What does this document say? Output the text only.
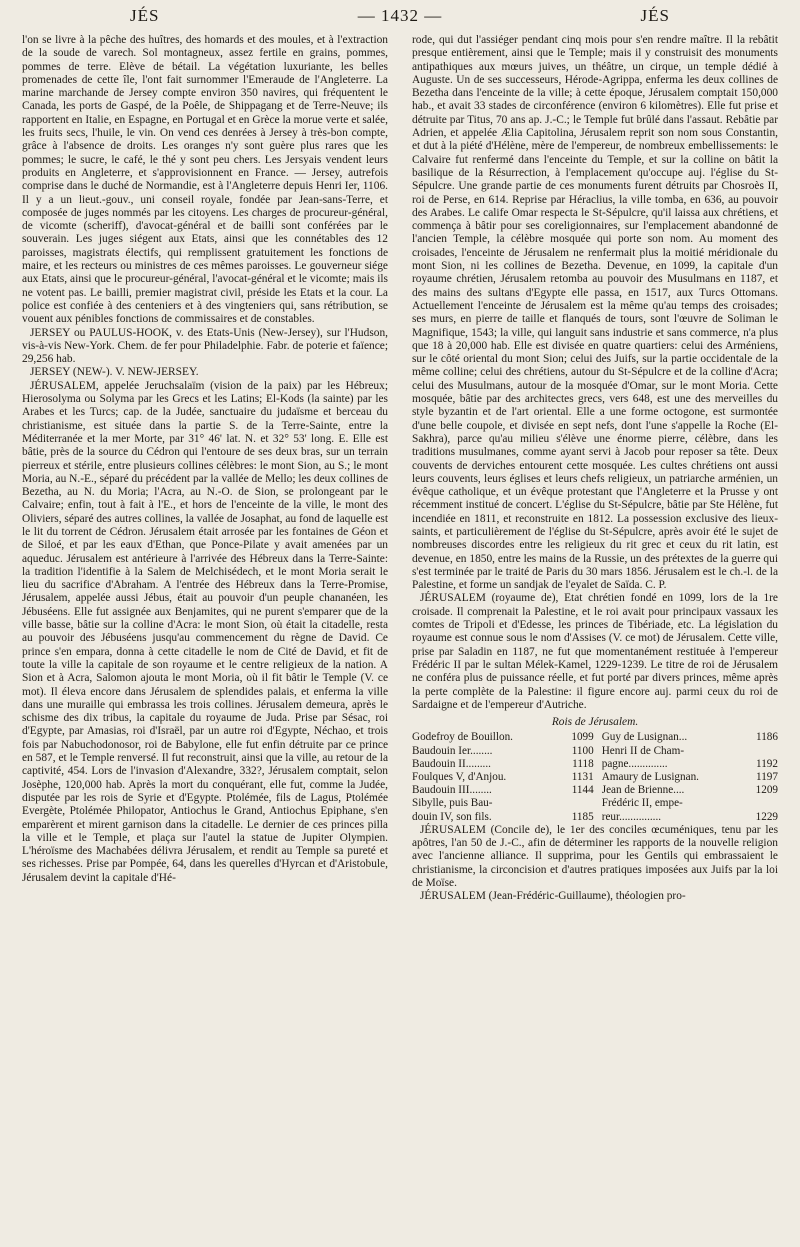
JÉS	— 1432 —	JÉS

l'on se livre à la pêche des huîtres, des homards et des moules, et à l'extraction de la soude de varech. Sol montagneux, assez fertile en grains, pommes, pommes de terre. Elève de bétail. La végétation luxuriante, les belles promenades de cette île, l'ont fait surnommer l'Emeraude de l'Angleterre. La marine marchande de Jersey compte environ 350 navires, qui fréquentent le Canada, les ports de Gaspé, de la Poêle, de Shippagang et de Terre-Neuve; ils rapportent en Italie, en Espagne, en Portugal et en Grèce la morue verte et salée, les fruits secs, l'huile, le vin. On vend ces denrées à Jersey à très-bon compte, grâce à l'absence de droits. Les oranges n'y sont guère plus rares que les pommes; le sucre, le café, le thé y sont peu chers. Les Jersyais vendent leurs produits en Angleterre, et s'approvisionnent en France. — Jersey, autrefois comprise dans le duché de Normandie, est à l'Angleterre depuis Henri Ier, 1106. Il y a un lieut.-gouv., uni conseil royale, fondée par Jean-sans-Terre, et composée de juges nommés par les citoyens. Les charges de procureur-général, de vicomte (scheriff), d'avocat-général et de bailli sont conférées par le souverain. Les juges siégent aux Etats, ainsi que les connétables des 12 paroisses, magistrats électifs, qui remplissent gratuitement les fonctions de maire, et les recteurs ou ministres de ces mêmes paroisses. Le gouverneur siége aux Etats, ainsi que le procureur-général, l'avocat-général et le vicomte; mais ils ne votent pas. Le bailli, premier magistrat civil, préside les Etats et la cour. La police est confiée à des centeniers et à des vingteniers qui, sans rétribution, se vouent aux pénibles fonctions de commissaires et de constables.

JERSEY ou PAULUS-HOOK, v. des Etats-Unis (New-Jersey), sur l'Hudson, vis-à-vis New-York. Chem. de fer pour Philadelphie. Fabr. de poterie et faïence; 29,256 hab.

JERSEY (NEW-). V. NEW-JERSEY.

JÉRUSALEM, appelée Jeruchsalaïm (vision de la paix) par les Hébreux; Hierosolyma ou Solyma par les Grecs et les Latins; El-Kods (la sainte) par les Arabes et les Turcs; cap. de la Judée, sanctuaire du judaïsme et berceau du christianisme, est située dans la partie S. de la Terre-Sainte, entre la Méditerranée et la mer Morte, par 31° 46' lat. N. et 32° 53' long. E. Elle est bâtie, près de la source du Cédron qui l'entoure de ses deux bras, sur un terrain pierreux et stérile, entre plusieurs collines célèbres: le mont Sion, au S.; le mont Moria, au N.-E., séparé du précédent par la vallée de Mello; les deux collines de Bezetha, au N. du Moria; l'Acra, au N.-O. de Sion, se prolongeant par le Calvaire; enfin, tout à fait à l'E., et hors de l'enceinte de la ville, le mont des Oliviers, séparé des autres collines, la vallée de Josaphat, au fond de laquelle est le lit du torrent de Cédron. Jérusalem était arrosée par les fontaines de Géon et de Siloé, et par les eaux d'Ethan, que Ponce-Pilate y avait amenées par un aqueduc. Jérusalem est antérieure à l'arrivée des Hébreux dans la Terre-Sainte: la tradition l'identifie à la Salem de Melchisédech, et le mont Moria serait le lieu du sacrifice d'Abraham. A l'entrée des Hébreux dans la Terre-Promise, Jérusalem, appelée aussi Jébus, était au pouvoir d'un peuple chananéen, les Jébuséens. Elle fut assignée aux Benjamites, qui ne purent s'emparer que de la ville basse, bâtie sur la colline d'Acra: le mont Sion, où était la citadelle, resta au pouvoir des Jébuséens jusqu'au commencement du règne de David. Ce prince s'en empara, donna à cette citadelle le nom de Cité de David, et fit de toute la ville la capitale de son royaume et le centre religieux de la nation. A Sion et à Acra, Salomon ajouta le mont Moria, où il fit bâtir le Temple (V. ce mot). Il éleva encore dans Jérusalem de splendides palais, et enferma la ville dans une muraille qui embrassa les trois collines. Jérusalem demeura, après le schisme des dix tribus, la capitale du royaume de Juda. Prise par Sésac, roi d'Egypte, par Amasias, roi d'Israël, par un autre roi d'Egypte, Néchao, et trois fois par Nabuchodonosor, roi de Babylone, elle fut enfin détruite par ce prince en 587, et le Temple renversé. Il fut reconstruit, ainsi que la ville, au retour de la captivité, 454. Lors de l'invasion d'Alexandre, 332?, Jérusalem comptait, selon Josèphe, 120,000 hab. Après la mort du conquérant, elle fut, comme la Judée, disputée par les rois de Syrie et d'Egypte. Ptolémée, fils de Lagus, Ptolémée Evergète, Ptolémée Philopator, Antiochus le Grand, Antiochus Epiphane, s'en emparèrent et mirent garnison dans la citadelle. Le dernier de ces princes pilla la ville et le Temple, et plaça sur l'autel la statue de Jupiter Olympien. L'héroïsme des Machabées délivra Jérusalem, et rendit au Temple sa pureté et ses richesses. Prise par Pompée, 64, dans les querelles d'Hyrcan et d'Aristobule, Jérusalem devint la capitale d'Hé-

rode, qui dut l'assiéger pendant cinq mois pour s'en rendre maître. Il la rebâtit presque entièrement, ainsi que le Temple; mais il y construisit des monuments antipathiques aux mœurs juives, un théâtre, un cirque, un temple dédié à Auguste. Un de ses successeurs, Hérode-Agrippa, enferma les deux collines de Bezetha dans l'enceinte de la ville; à cette époque, Jérusalem comptait 150,000 hab., et avait 33 stades de circonférence (environ 6 kilomètres). Elle fut prise et détruite par Titus, 70 ans ap. J.-C.; le Temple fut brûlé dans l'assaut. Rebâtie par Adrien, et appelée Ælia Capitolina, Jérusalem reprit son nom sous Constantin, et dut à la piété d'Hélène, mère de l'empereur, de nombreux embellissements: le Calvaire fut renfermé dans l'enceinte du Temple, et sur la colline on bâtit la basilique de la Résurrection, à l'emplacement qu'occupe auj. l'église du St-Sépulcre. Une grande partie de ces monuments furent détruits par Chosroès II, roi de Perse, en 614. Reprise par Héraclius, la ville tomba, en 636, au pouvoir des Arabes. Le calife Omar respecta le St-Sépulcre, qu'il laissa aux chrétiens, et commença à bâtir pour ses coreligionnaires, sur l'emplacement abandonné de l'ancien Temple, la célèbre mosquée qui porte son nom. Au moment des croisades, l'enceinte de Jérusalem ne renfermait plus la moitié méridionale du mont Sion, ni les collines de Bezetha. Devenue, en 1099, la capitale d'un royaume chrétien, Jérusalem retomba au pouvoir des Musulmans en 1187, et des mains des sultans d'Egypte elle passa, en 1517, aux Turcs Ottomans. Actuellement l'enceinte de Jérusalem est la même qu'au temps des croisades; ses murs, en pierre de taille et flanqués de tours, sont l'œuvre de Soliman le Magnifique, 1543; la ville, qui languit sans industrie et sans commerce, n'a plus que 18 à 20,000 hab. Elle est divisée en quatre quartiers: celui des Arméniens, sur le côté oriental du mont Sion; celui des Juifs, sur la partie occidentale de la même colline; celui des chrétiens, autour du St-Sépulcre et de la colline d'Acra; celui des Musulmans, autour de la mosquée d'Omar, sur le mont Moria. Cette mosquée, bâtie par des architectes grecs, vers 648, est une des merveilles du style byzantin et de l'art oriental. Elle a une forme octogone, est surmontée d'une belle coupole, et divisée en sept nefs, dont l'une s'appelle la Roche (El-Sakhra), parce qu'au milieu s'élève une énorme pierre, célèbre, dans les traditions musulmanes, comme ayant servi à Jacob pour reposer sa tête. Deux couvents de derviches entourent cette mosquée. Les cultes chrétiens ont aussi leurs couvents, leurs églises et leurs chefs religieux, un patriarche arménien, un évêque catholique, et un évêque protestant que l'Angleterre et la Prusse y ont récemment institué de concert. L'église du St-Sépulcre, bâtie par Ste Hélène, fut incendiée en 1811, et reconstruite en 1812. La possession exclusive des lieux-saints, et particulièrement de l'église du St-Sépulcre, après avoir été le sujet de nombreuses discordes entre les religieux du rit grec et ceux du rit latin, est devenue, en 1850, entre les mains de la Russie, un des prétextes de la guerre qui s'est terminée par le traité de Paris du 30 mars 1856. Jérusalem est le ch.-l. de la Palestine, et forme un sandjak de l'eyalet de Saïda. C. P.

JÉRUSALEM (royaume de), Etat chrétien fondé en 1099, lors de la 1re croisade. Il comprenait la Palestine, et le roi avait pour principaux vassaux les comtes de Tripoli et d'Edesse, les princes de Tibériade, etc. La législation du royaume est connue sous le nom d'Assises (V. ce mot) de Jérusalem. Cette ville, prise par Saladin en 1187, ne fut que momentanément restituée à l'empereur Frédéric II par le sultan Mélek-Kamel, 1229-1239. Le titre de roi de Jérusalem ne conféra plus de puissance réelle, et fut porté par divers princes, même après la perte complète de la Palestine: il figure encore auj. parmi ceux du roi de Sardaigne et de l'empereur d'Autriche.

Rois de Jérusalem.
Godefroy de Bouillon.	1099	Guy de Lusignan...	1186
Baudouin Ier........	1100	Henri II de Cham-	
Baudouin II.........	1118	pagne..............	1192
Foulques V, d'Anjou.	1131	Amaury de Lusignan.	1197
Baudouin III........	1144	Jean de Brienne....	1209
Sibylle, puis Bau-		Frédéric II, empe-	
douin IV, son fils.	1185	reur...............	1229

JÉRUSALEM (Concile de), le 1er des conciles œcuméniques, tenu par les apôtres, l'an 50 de J.-C., afin de déterminer les rapports de la nouvelle religion avec l'ancienne alliance. Il supprima, pour les Gentils qui embrassaient le christianisme, la circoncision et d'autres pratiques imposées aux Juifs par la loi de Moïse.

JÉRUSALEM (Jean-Frédéric-Guillaume), théologien pro-
